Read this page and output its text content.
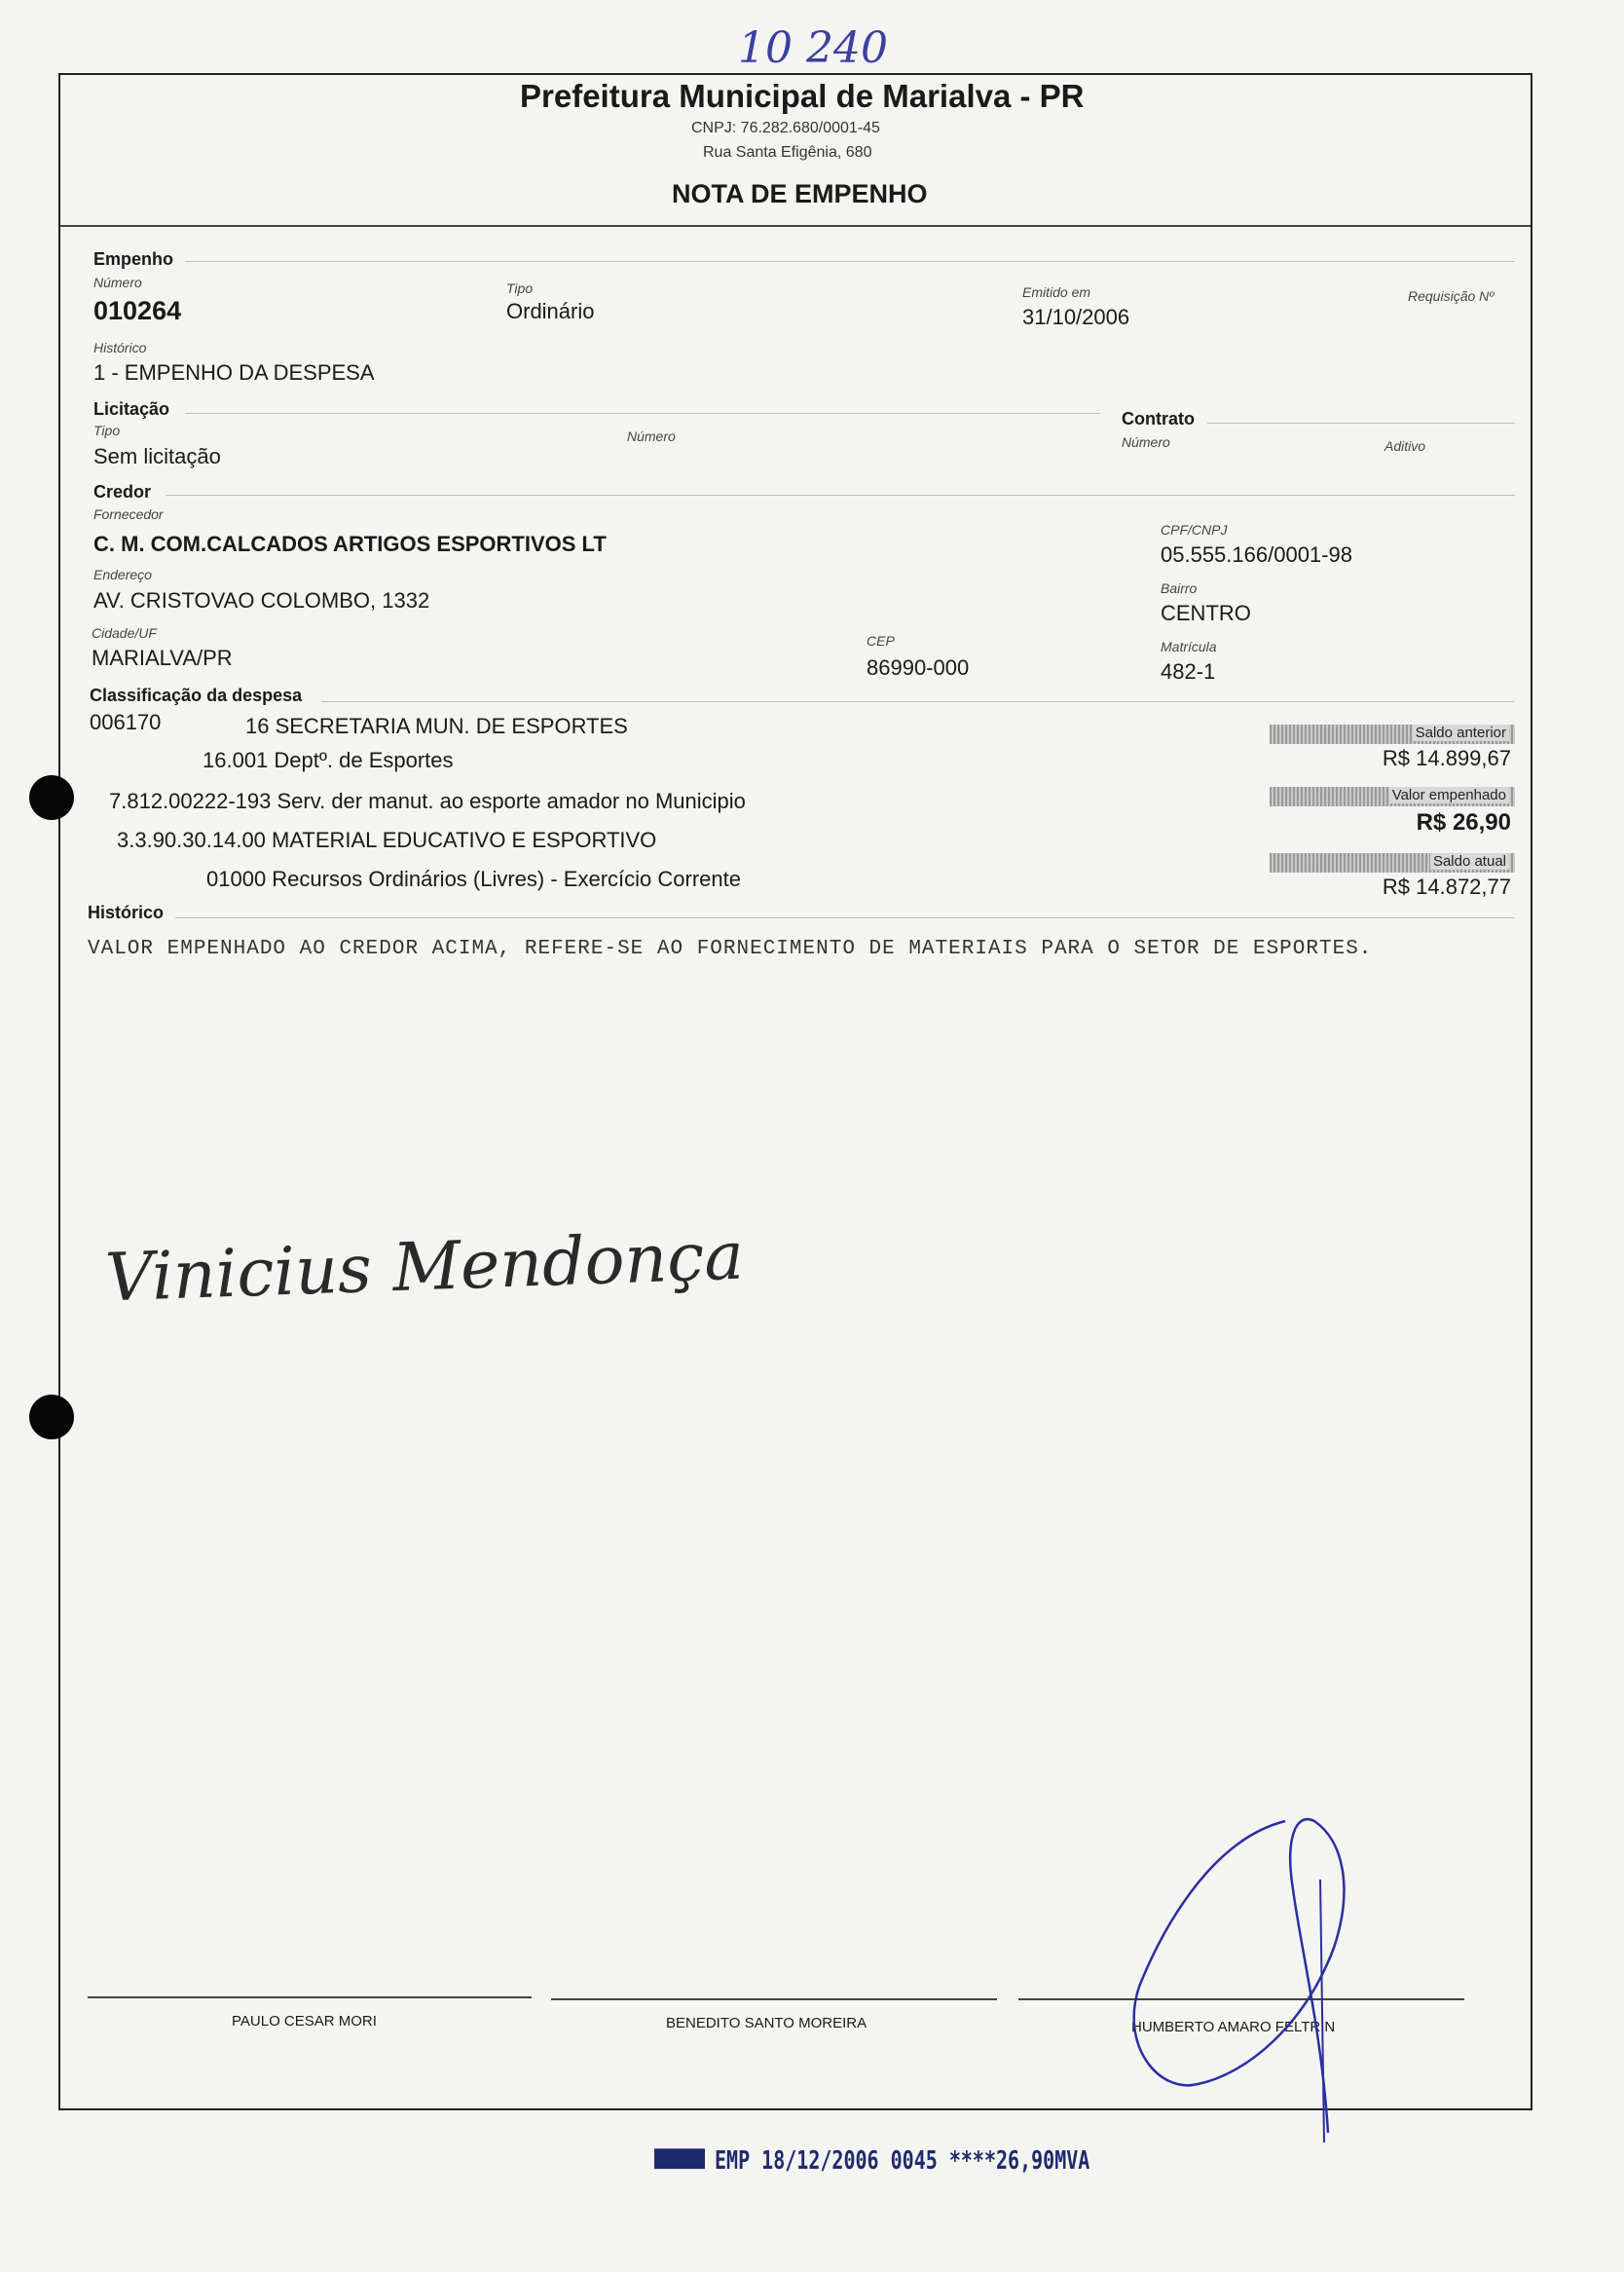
10 240
Prefeitura Municipal de Marialva - PR
CNPJ: 76.282.680/0001-45
Rua Santa Efigênia, 680
NOTA DE EMPENHO
Empenho
Número
010264
Tipo
Ordinário
Emitido em
31/10/2006
Requisição Nº
Histórico
1 - EMPENHO DA DESPESA
Licitação
Tipo
Sem licitação
Número
Contrato
Número	Aditivo
Credor
Fornecedor
C. M. COM.CALCADOS ARTIGOS ESPORTIVOS LT
CPF/CNPJ
05.555.166/0001-98
Endereço
AV. CRISTOVAO COLOMBO, 1332	Bairro
CENTRO
Cidade/UF
MARIALVA/PR
CEP
86990-000
Matrícula
482-1
Classificação da despesa
006170	16 SECRETARIA MUN. DE ESPORTES
16.001 Deptº. de Esportes
7.812.00222-193 Serv. der manut. ao esporte amador no Municipio
3.3.90.30.14.00 MATERIAL EDUCATIVO E ESPORTIVO
01000 Recursos Ordinários (Livres) - Exercício Corrente
Saldo anterior
R$ 14.899,67
Valor empenhado
R$ 26,90
Saldo atual
R$ 14.872,77
Histórico
VALOR EMPENHADO AO CREDOR ACIMA, REFERE-SE AO FORNECIMENTO DE MATERIAIS PARA O SETOR DE ESPORTES.
Vinicius Mendonça
PAULO CESAR MORI	BENEDITO SANTO MOREIRA	HUMBERTO AMARO FELTRIN
EMP 18/12/2006 0045 ****26,90MVA
